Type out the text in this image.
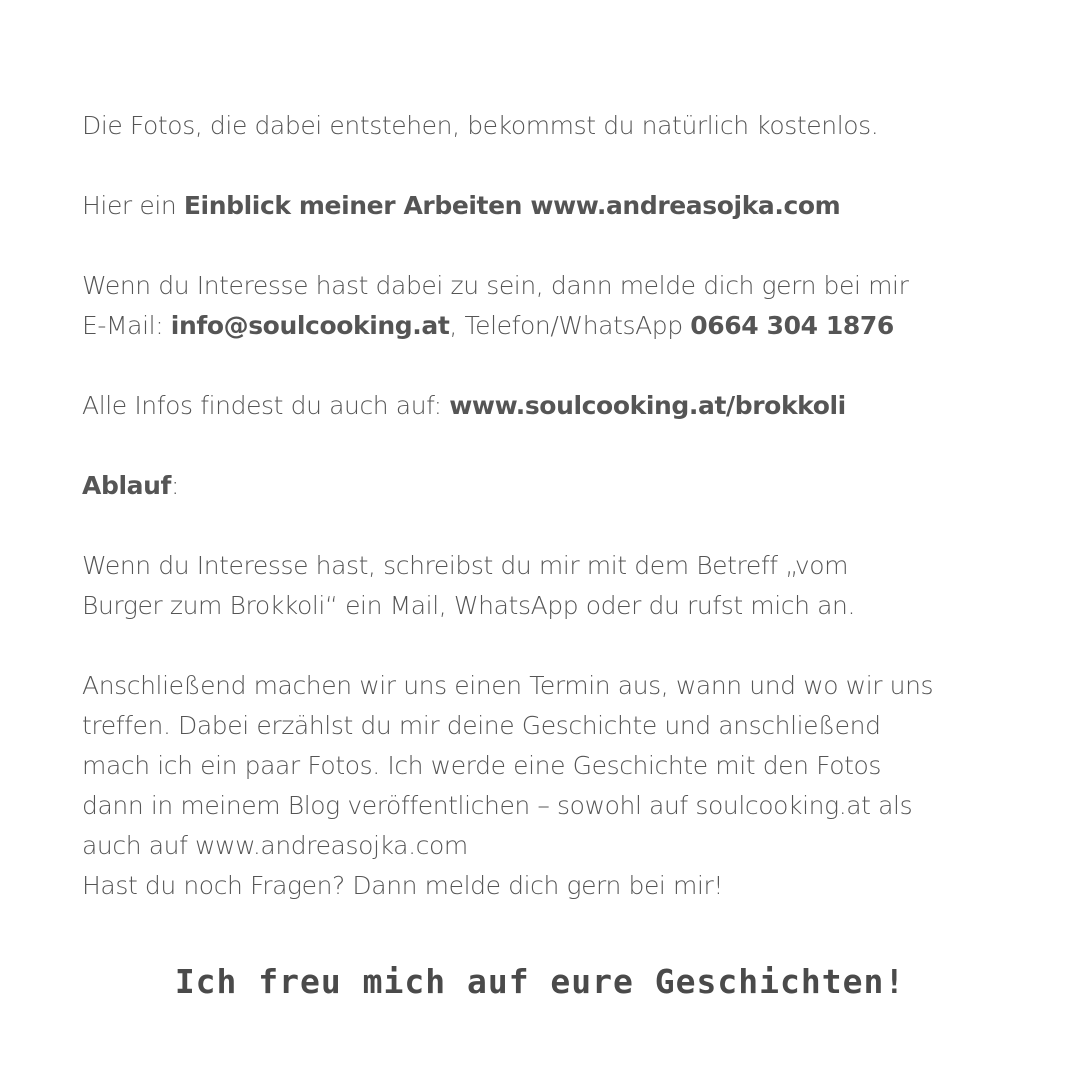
Die Fotos, die dabei entstehen, bekommst du natürlich kostenlos.

Hier ein Einblick meiner Arbeiten www.andreasojka.com

Wenn du Interesse hast dabei zu sein, dann melde dich gern bei mir

E-Mail: info@soulcooking.at, Telefon/WhatsApp 0664 304 1876

Alle Infos findest du auch auf: www.soulcooking.at/brokkoli

Ablauf:

Wenn du Interesse hast, schreibst du mir mit dem Betreff „vom

Burger zum Brokkoli“ ein Mail, WhatsApp oder du rufst mich an.

Anschließend machen wir uns einen Termin aus, wann und wo wir uns

treffen. Dabei erzählst du mir deine Geschichte und anschließend

mach ich ein paar Fotos. Ich werde eine Geschichte mit den Fotos

dann in meinem Blog veröffentlichen – sowohl auf soulcooking.at als

auch auf www.andreasojka.com

Hast du noch Fragen? Dann melde dich gern bei mir!

Ich freu mich auf eure Geschichten!
